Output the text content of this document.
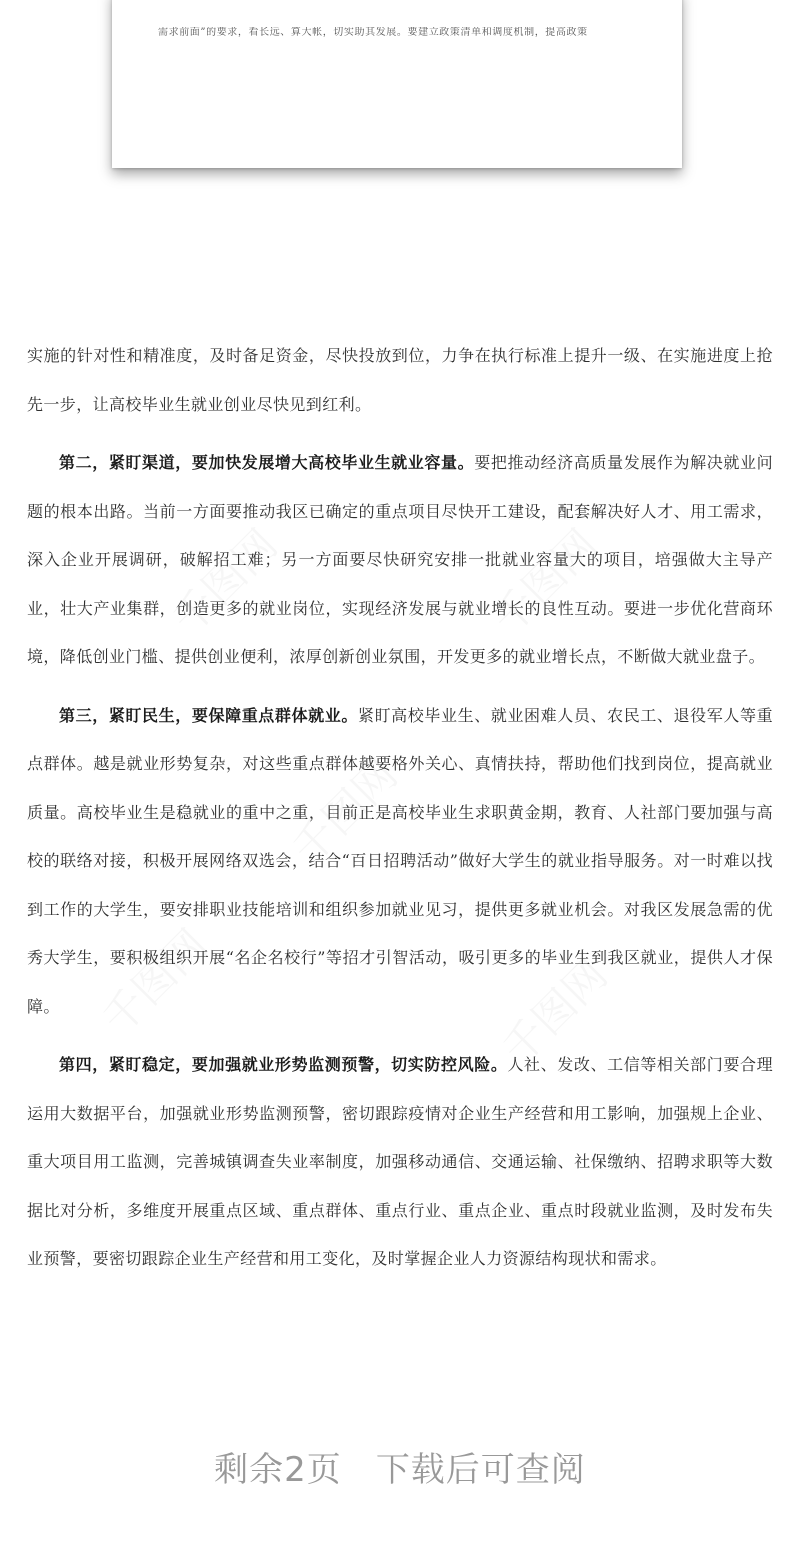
需求前面”的要求，看长远、算大帐，切实助其发展。要建立政策清单和调度机制，提高政策

实施的针对性和精准度，及时备足资金，尽快投放到位，力争在执行标准上提升一级、在实施进度上抢先一步，让高校毕业生就业创业尽快见到红利。

第二，紧盯渠道，要加快发展增大高校毕业生就业容量。要把推动经济高质量发展作为解决就业问题的根本出路。当前一方面要推动我区已确定的重点项目尽快开工建设，配套解决好人才、用工需求，深入企业开展调研，破解招工难；另一方面要尽快研究安排一批就业容量大的项目，培强做大主导产业，壮大产业集群，创造更多的就业岗位，实现经济发展与就业增长的良性互动。要进一步优化营商环境，降低创业门槛、提供创业便利，浓厚创新创业氛围，开发更多的就业增长点，不断做大就业盘子。

第三，紧盯民生，要保障重点群体就业。紧盯高校毕业生、就业困难人员、农民工、退役军人等重点群体。越是就业形势复杂，对这些重点群体越要格外关心、真情扶持，帮助他们找到岗位，提高就业质量。高校毕业生是稳就业的重中之重，目前正是高校毕业生求职黄金期，教育、人社部门要加强与高校的联络对接，积极开展网络双选会，结合“百日招聘活动”做好大学生的就业指导服务。对一时难以找到工作的大学生，要安排职业技能培训和组织参加就业见习，提供更多就业机会。对我区发展急需的优秀大学生，要积极组织开展“名企名校行”等招才引智活动，吸引更多的毕业生到我区就业，提供人才保障。

第四，紧盯稳定，要加强就业形势监测预警，切实防控风险。人社、发改、工信等相关部门要合理运用大数据平台，加强就业形势监测预警，密切跟踪疫情对企业生产经营和用工影响，加强规上企业、重大项目用工监测，完善城镇调查失业率制度，加强移动通信、交通运输、社保缴纳、招聘求职等大数据比对分析，多维度开展重点区域、重点群体、重点行业、重点企业、重点时段就业监测，及时发布失业预警，要密切跟踪企业生产经营和用工变化，及时掌握企业人力资源结构现状和需求。

剩余2页 下载后可查阅
